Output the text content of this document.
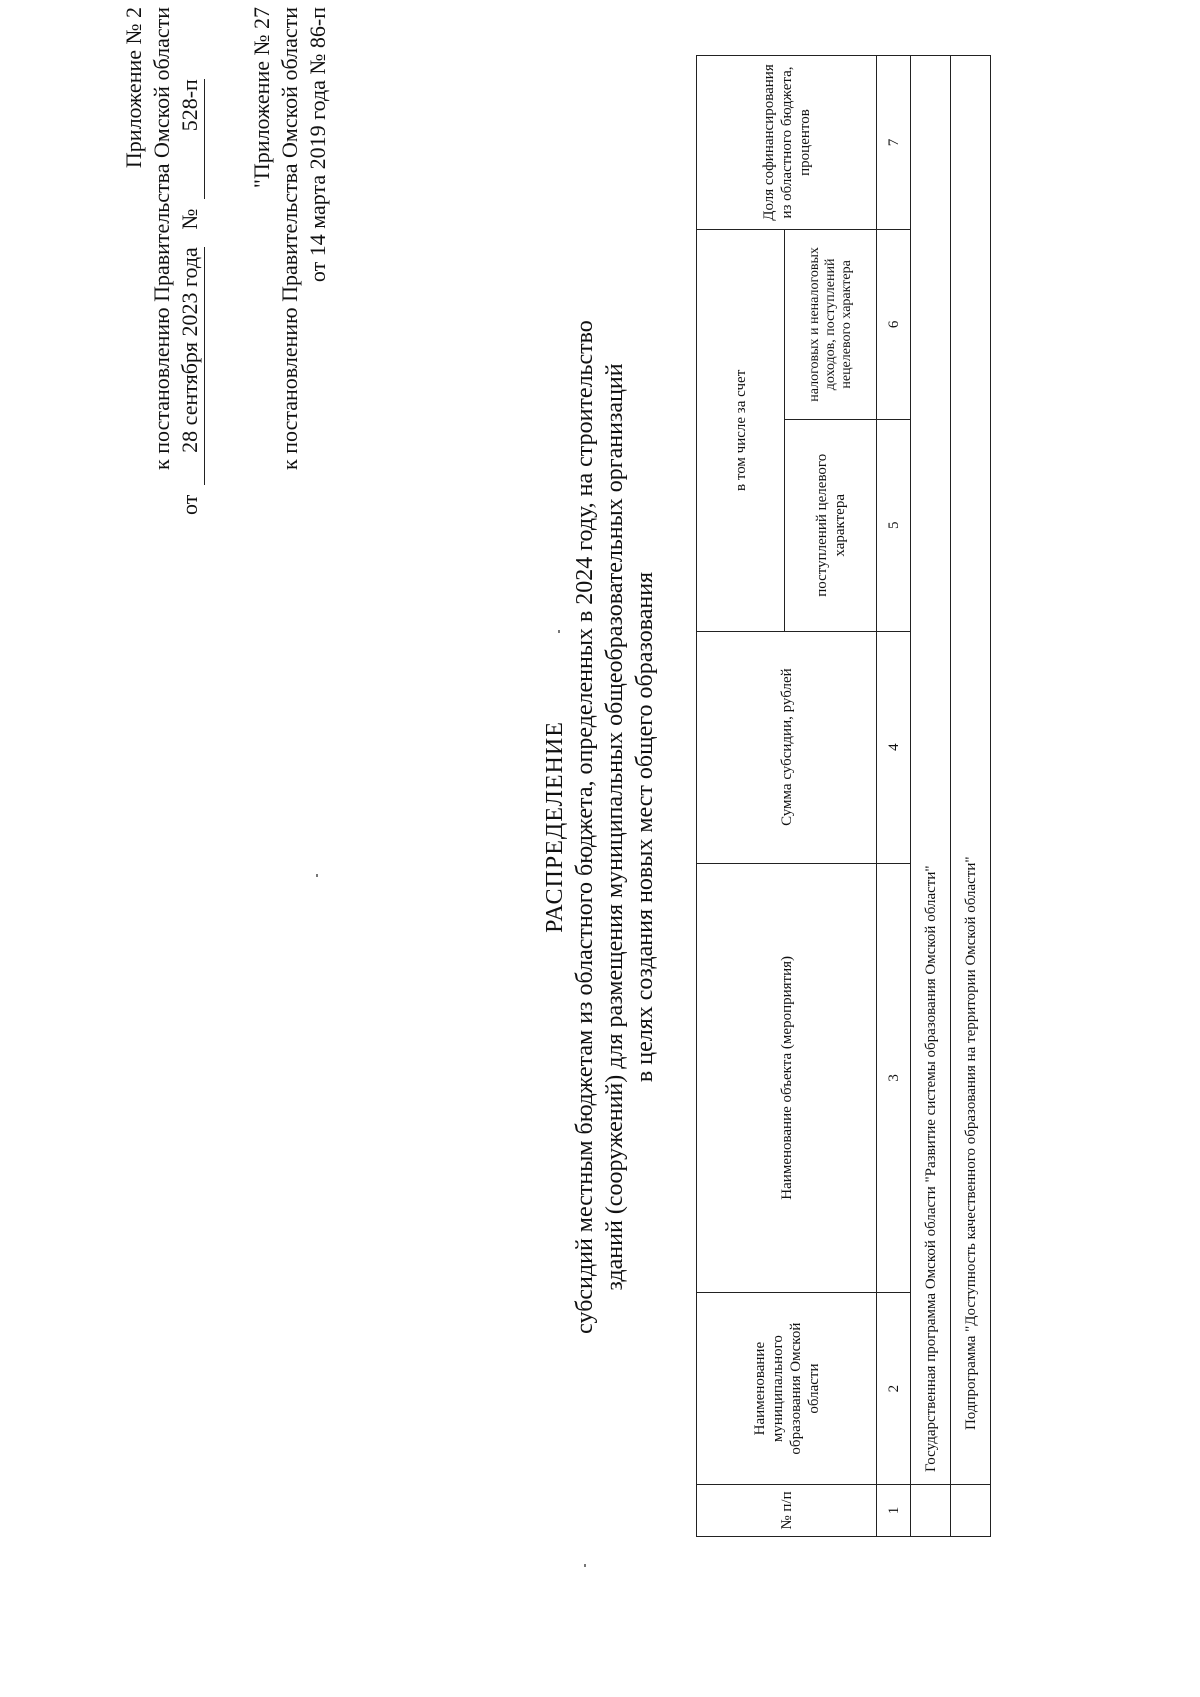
Приложение № 2 к постановлению Правительства Омской области
от 28 сентября 2023 года № 528-п "Приложение № 27 к постановлению Правительства Омской области от 14 марта 2019 года № 86-п
РАСПРЕДЕЛЕНИЕ субсидий местным бюджетам из областного бюджета, определенных в 2024 году, на строительство зданий (сооружений) для размещения муниципальных общеобразовательных организаций в целях создания новых мест общего образования
№ п/п	Наименование муниципального образования Омской области	Наименование объекта (мероприятия)	Сумма субсидии, рублей	в том числе за счет		Доля софинансирования из областного бюджета, процентов
				поступлений целевого характера	налоговых и неналоговых доходов, поступлений нецелевого характера	
1	2	3	4	5	6	7
	Государственная программа Омской области "Развитие системы образования Омской области"					
	Подпрограмма "Доступность качественного образования на территории Омской области"					
